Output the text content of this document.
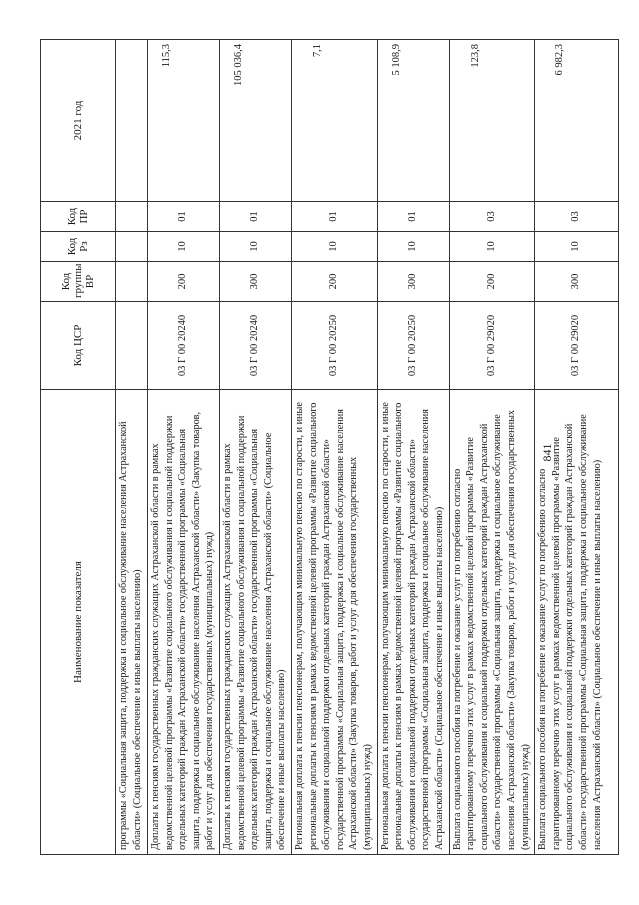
841
Наименование показателя	Код ЦСР	Код группы ВР	Код Рз	Код ПР	2021 год
программы «Социальная защита, поддержка и социальное обслуживание населения Астраханской области» (Социальное обеспечение и иные выплаты населению)					
Доплаты к пенсиям государственных гражданских служащих Астраханской области в рамках ведомственной целевой программы «Развитие социального обслуживания и социальной поддержки отдельных категорий граждан Астраханской области» государственной программы «Социальная защита, поддержка и социальное обслуживание населения Астраханской области» (Закупка товаров, работ и услуг для обеспечения государственных (муниципальных) нужд)	03 Г 00 20240	200	10	01	115,3
Доплаты к пенсиям государственных гражданских служащих Астраханской области в рамках ведомственной целевой программы «Развитие социального обслуживания и социальной поддержки отдельных категорий граждан Астраханской области» государственной программы «Социальная защита, поддержка и социальное обслуживание населения Астраханской области» (Социальное обеспечение и иные выплаты населению)	03 Г 00 20240	300	10	01	105 036,4
Региональная доплата к пенсии пенсионерам, получающим минимальную пенсию по старости, и иные региональные доплаты к пенсиям в рамках ведомственной целевой программы «Развитие социального обслуживания и социальной поддержки отдельных категорий граждан Астраханской области» государственной программы «Социальная защита, поддержка и социальное обслуживание населения Астраханской области» (Закупка товаров, работ и услуг для обеспечения государственных (муниципальных) нужд)	03 Г 00 20250	200	10	01	7,1
Региональная доплата к пенсии пенсионерам, получающим минимальную пенсию по старости, и иные региональные доплаты к пенсиям в рамках ведомственной целевой программы «Развитие социального обслуживания и социальной поддержки отдельных категорий граждан Астраханской области» государственной программы «Социальная защита, поддержка и социальное обслуживание населения Астраханской области» (Социальное обеспечение и иные выплаты населению)	03 Г 00 20250	300	10	01	5 108,9
Выплата социального пособия на погребение и оказание услуг по погребению согласно гарантированному перечню этих услуг в рамках ведомственной целевой программы «Развитие социального обслуживания и социальной поддержки отдельных категорий граждан Астраханской области» государственной программы «Социальная защита, поддержка и социальное обслуживание населения Астраханской области» (Закупка товаров, работ и услуг для обеспечения государственных (муниципальных) нужд)	03 Г 00 29020	200	10	03	123,8
Выплата социального пособия на погребение и оказание услуг по погребению согласно гарантированному перечню этих услуг в рамках ведомственной целевой программы «Развитие социального обслуживания и социальной поддержки отдельных категорий граждан Астраханской области» государственной программы «Социальная защита, поддержка и социальное обслуживание населения Астраханской области» (Социальное обеспечение и иные выплаты населению)	03 Г 00 29020	300	10	03	6 982,3
